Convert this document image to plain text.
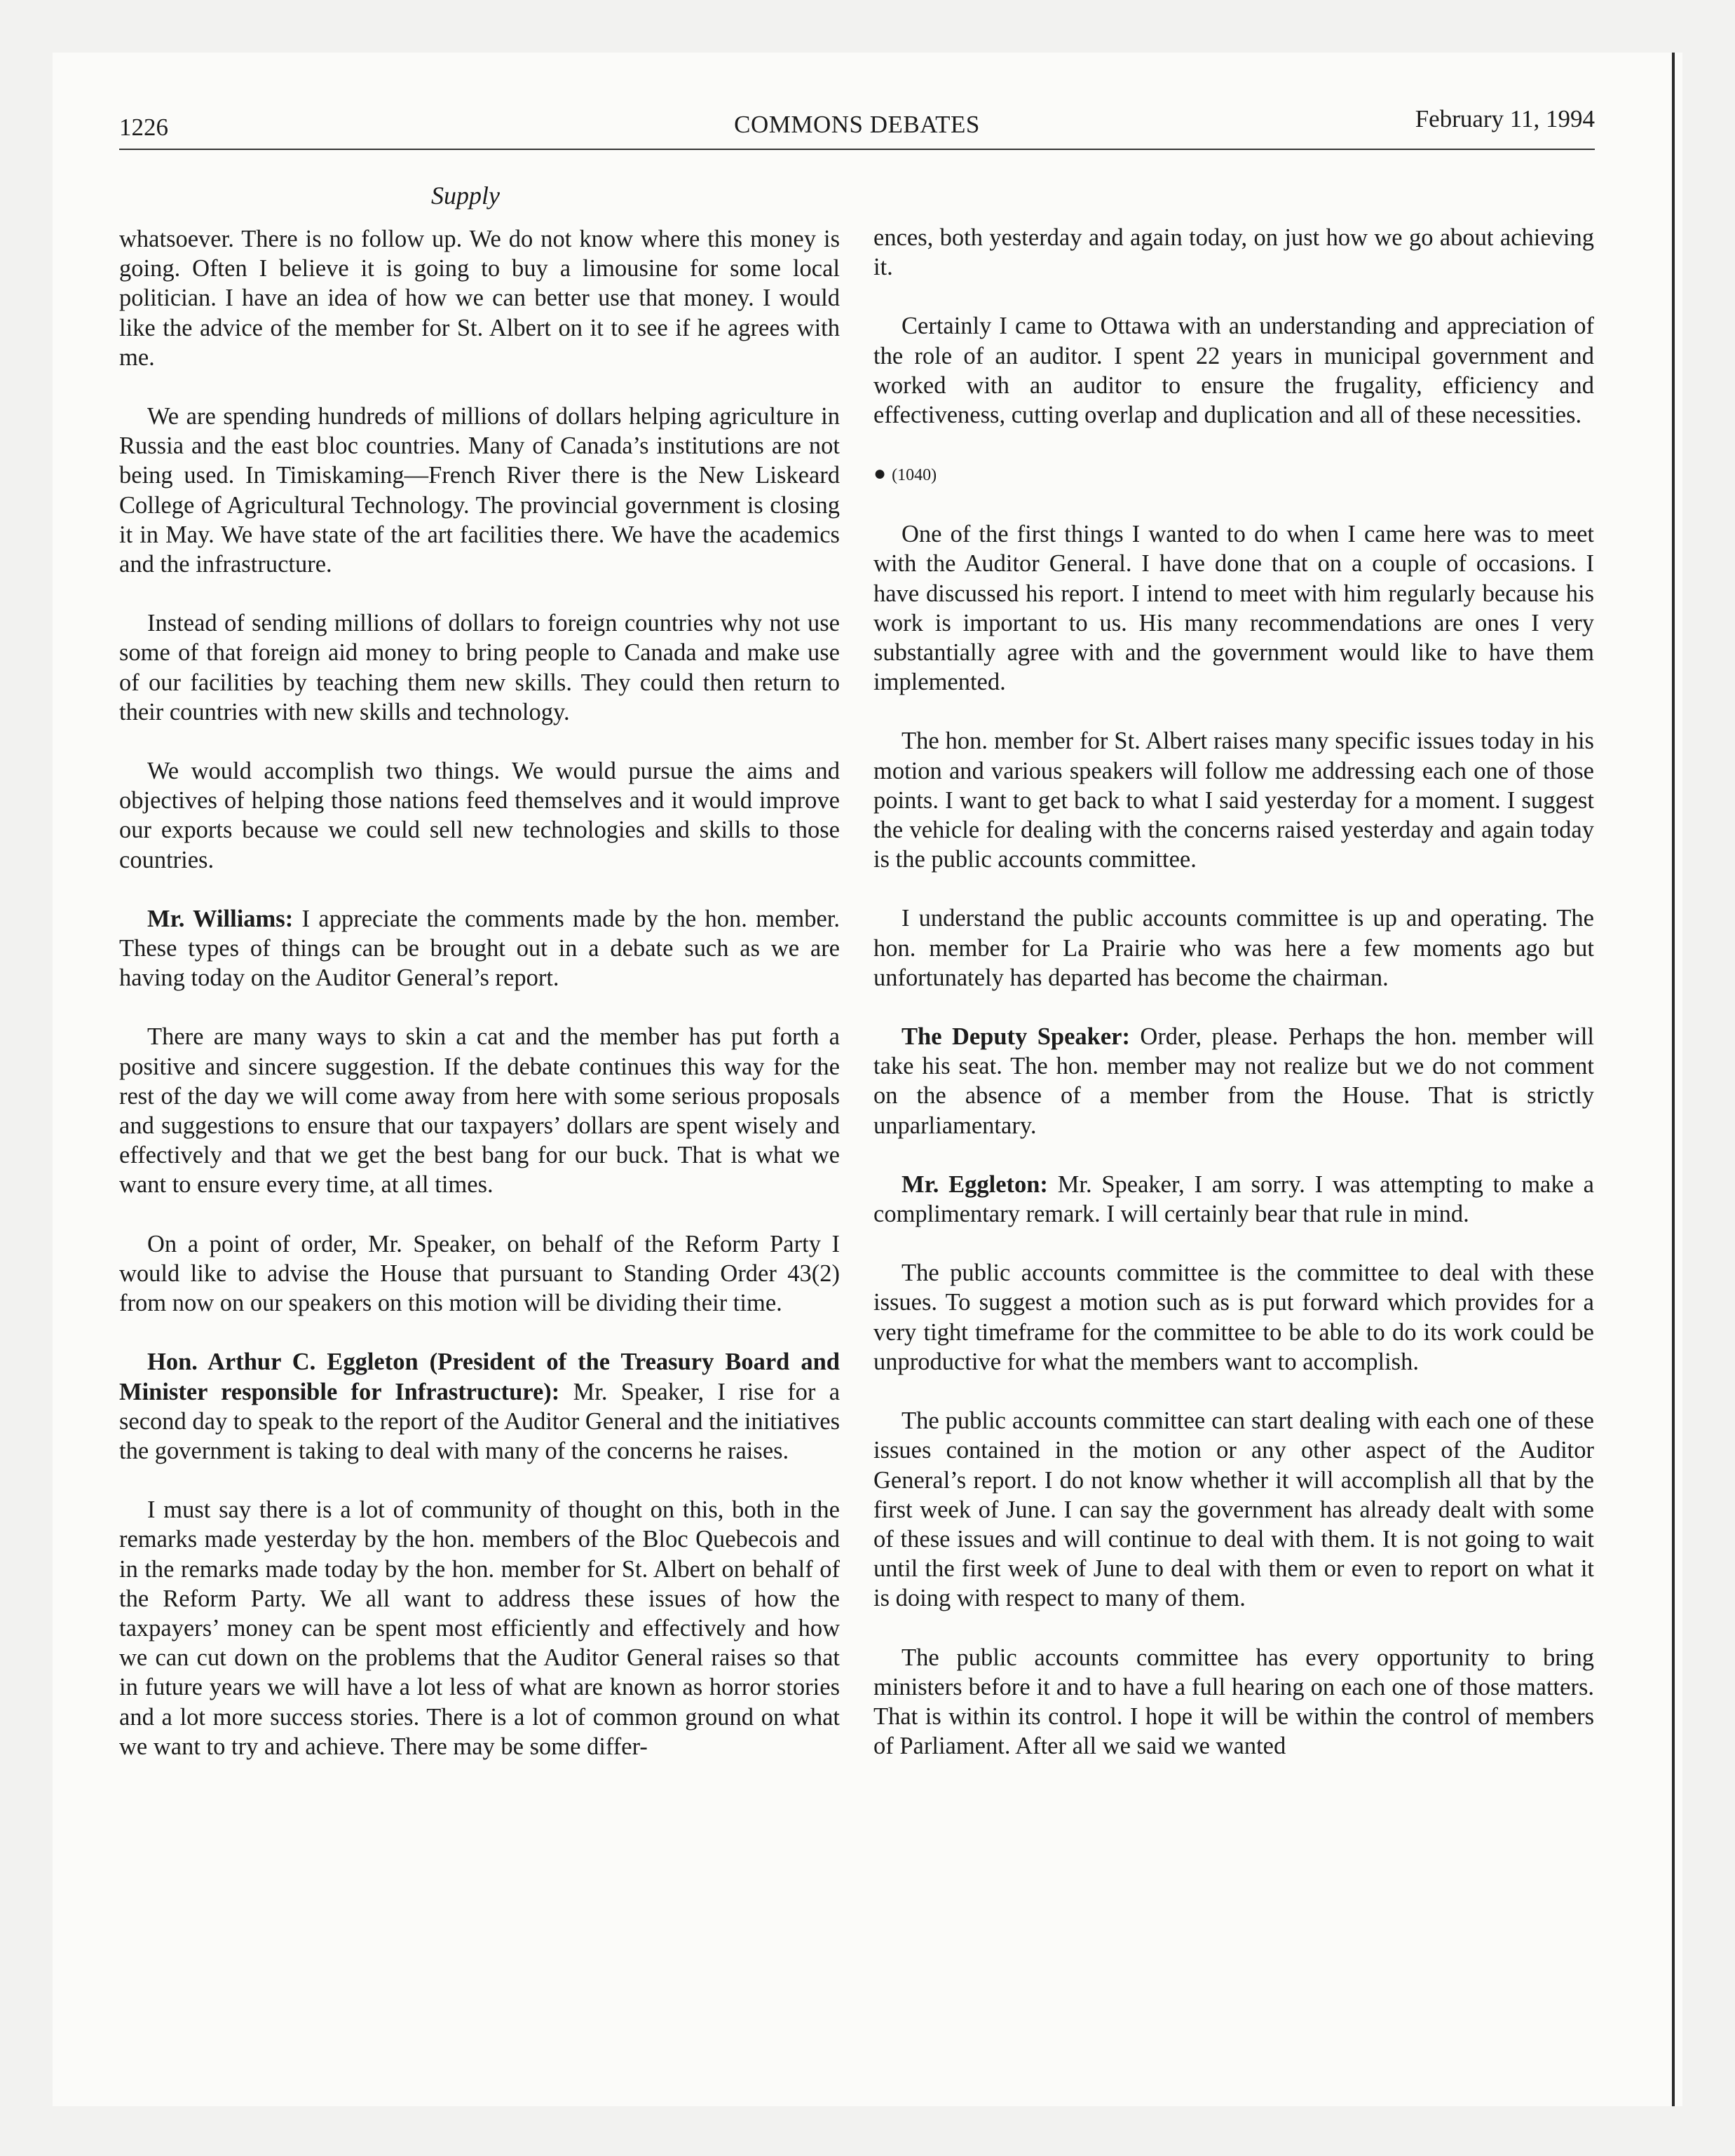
1226	COMMONS DEBATES	February 11, 1994
Supply

whatsoever. There is no follow up. We do not know where this money is going. Often I believe it is going to buy a limousine for some local politician. I have an idea of how we can better use that money. I would like the advice of the member for St. Albert on it to see if he agrees with me.

We are spending hundreds of millions of dollars helping agriculture in Russia and the east bloc countries. Many of Canada’s institutions are not being used. In Timiskaming—French River there is the New Liskeard College of Agricultural Technology. The provincial government is closing it in May. We have state of the art facilities there. We have the academics and the infrastructure.

Instead of sending millions of dollars to foreign countries why not use some of that foreign aid money to bring people to Canada and make use of our facilities by teaching them new skills. They could then return to their countries with new skills and technology.

We would accomplish two things. We would pursue the aims and objectives of helping those nations feed themselves and it would improve our exports because we could sell new technologies and skills to those countries.

Mr. Williams: I appreciate the comments made by the hon. member. These types of things can be brought out in a debate such as we are having today on the Auditor General’s report.

There are many ways to skin a cat and the member has put forth a positive and sincere suggestion. If the debate continues this way for the rest of the day we will come away from here with some serious proposals and suggestions to ensure that our taxpayers’ dollars are spent wisely and effectively and that we get the best bang for our buck. That is what we want to ensure every time, at all times.

On a point of order, Mr. Speaker, on behalf of the Reform Party I would like to advise the House that pursuant to Standing Order 43(2) from now on our speakers on this motion will be dividing their time.

Hon. Arthur C. Eggleton (President of the Treasury Board and Minister responsible for Infrastructure): Mr. Speaker, I rise for a second day to speak to the report of the Auditor General and the initiatives the government is taking to deal with many of the concerns he raises.

I must say there is a lot of community of thought on this, both in the remarks made yesterday by the hon. members of the Bloc Quebecois and in the remarks made today by the hon. member for St. Albert on behalf of the Reform Party. We all want to address these issues of how the taxpayers’ money can be spent most efficiently and effectively and how we can cut down on the problems that the Auditor General raises so that in future years we will have a lot less of what are known as horror stories and a lot more success stories. There is a lot of common ground on what we want to try and achieve. There may be some differ-

ences, both yesterday and again today, on just how we go about achieving it.

Certainly I came to Ottawa with an understanding and appreciation of the role of an auditor. I spent 22 years in municipal government and worked with an auditor to ensure the frugality, efficiency and effectiveness, cutting overlap and duplication and all of these necessities.

● (1040)

One of the first things I wanted to do when I came here was to meet with the Auditor General. I have done that on a couple of occasions. I have discussed his report. I intend to meet with him regularly because his work is important to us. His many recommendations are ones I very substantially agree with and the government would like to have them implemented.

The hon. member for St. Albert raises many specific issues today in his motion and various speakers will follow me addressing each one of those points. I want to get back to what I said yesterday for a moment. I suggest the vehicle for dealing with the concerns raised yesterday and again today is the public accounts committee.

I understand the public accounts committee is up and operating. The hon. member for La Prairie who was here a few moments ago but unfortunately has departed has become the chairman.

The Deputy Speaker: Order, please. Perhaps the hon. member will take his seat. The hon. member may not realize but we do not comment on the absence of a member from the House. That is strictly unparliamentary.

Mr. Eggleton: Mr. Speaker, I am sorry. I was attempting to make a complimentary remark. I will certainly bear that rule in mind.

The public accounts committee is the committee to deal with these issues. To suggest a motion such as is put forward which provides for a very tight timeframe for the committee to be able to do its work could be unproductive for what the members want to accomplish.

The public accounts committee can start dealing with each one of these issues contained in the motion or any other aspect of the Auditor General’s report. I do not know whether it will accomplish all that by the first week of June. I can say the government has already dealt with some of these issues and will continue to deal with them. It is not going to wait until the first week of June to deal with them or even to report on what it is doing with respect to many of them.

The public accounts committee has every opportunity to bring ministers before it and to have a full hearing on each one of those matters. That is within its control. I hope it will be within the control of members of Parliament. After all we said we wanted
